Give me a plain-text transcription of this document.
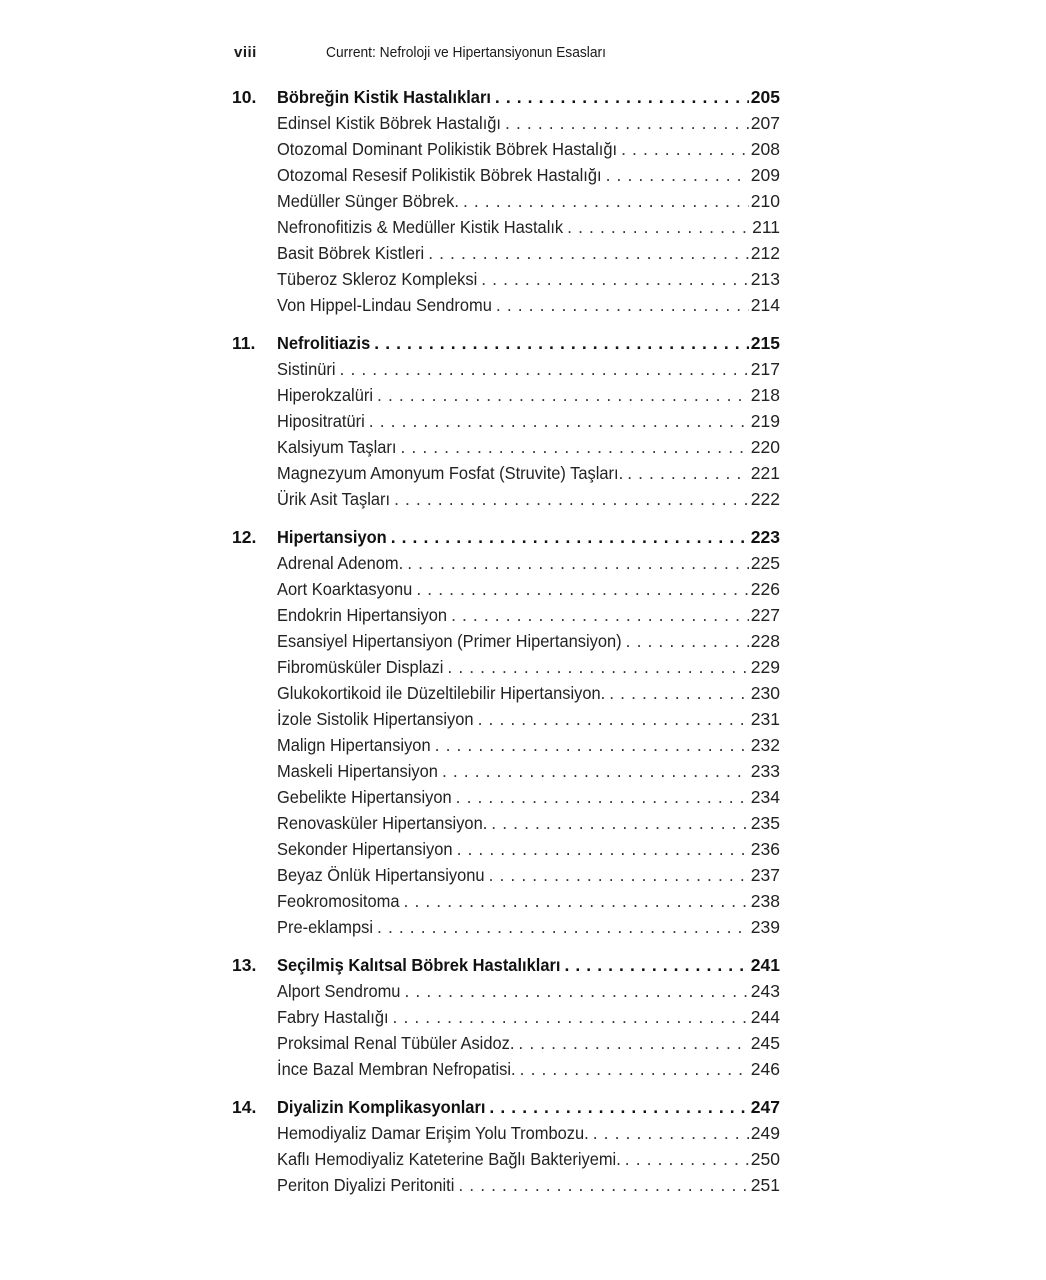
viii	Current: Nefroloji ve Hipertansiyonun Esasları
10.	Böbreğin Kistik Hastalıkları . . .	205
Edinsel Kistik Böbrek Hastalığı . . .	207
Otozomal Dominant Polikistik Böbrek Hastalığı . . .	208
Otozomal Resesif Polikistik Böbrek Hastalığı . . .	209
Medüller Sünger Böbrek. . . .	210
Nefronofitizis & Medüller Kistik Hastalık . . .	211
Basit Böbrek Kistleri . . .	212
Tüberoz Skleroz Kompleksi . . .	213
Von Hippel-Lindau Sendromu . . .	214
11.	Nefrolitiazis . . .	215
Sistinüri . . .	217
Hiperokzalüri . . .	218
Hipositratüri . . .	219
Kalsiyum Taşları . . .	220
Magnezyum Amonyum Fosfat (Struvite) Taşları. . . .	221
Ürik Asit Taşları . . .	222
12.	Hipertansiyon . . .	223
Adrenal Adenom. . . .	225
Aort Koarktasyonu . . .	226
Endokrin Hipertansiyon . . .	227
Esansiyel Hipertansiyon (Primer Hipertansiyon) . . .	228
Fibromüsküler Displazi . . .	229
Glukokortikoid ile Düzeltilebilir Hipertansiyon. . . .	230
İzole Sistolik Hipertansiyon . . .	231
Malign Hipertansiyon . . .	232
Maskeli Hipertansiyon . . .	233
Gebelikte Hipertansiyon . . .	234
Renovasküler Hipertansiyon. . . .	235
Sekonder Hipertansiyon . . .	236
Beyaz Önlük Hipertansiyonu . . .	237
Feokromositoma . . .	238
Pre-eklampsi . . .	239
13.	Seçilmiş Kalıtsal Böbrek Hastalıkları . . .	241
Alport Sendromu . . .	243
Fabry Hastalığı . . .	244
Proksimal Renal Tübüler Asidoz. . . .	245
İnce Bazal Membran Nefropatisi. . . .	246
14.	Diyalizin Komplikasyonları . . .	247
Hemodiyaliz Damar Erişim Yolu Trombozu. . . .	249
Kaflı Hemodiyaliz Kateterine Bağlı Bakteriyemi. . . .	250
Periton Diyalizi Peritoniti . . .	251
